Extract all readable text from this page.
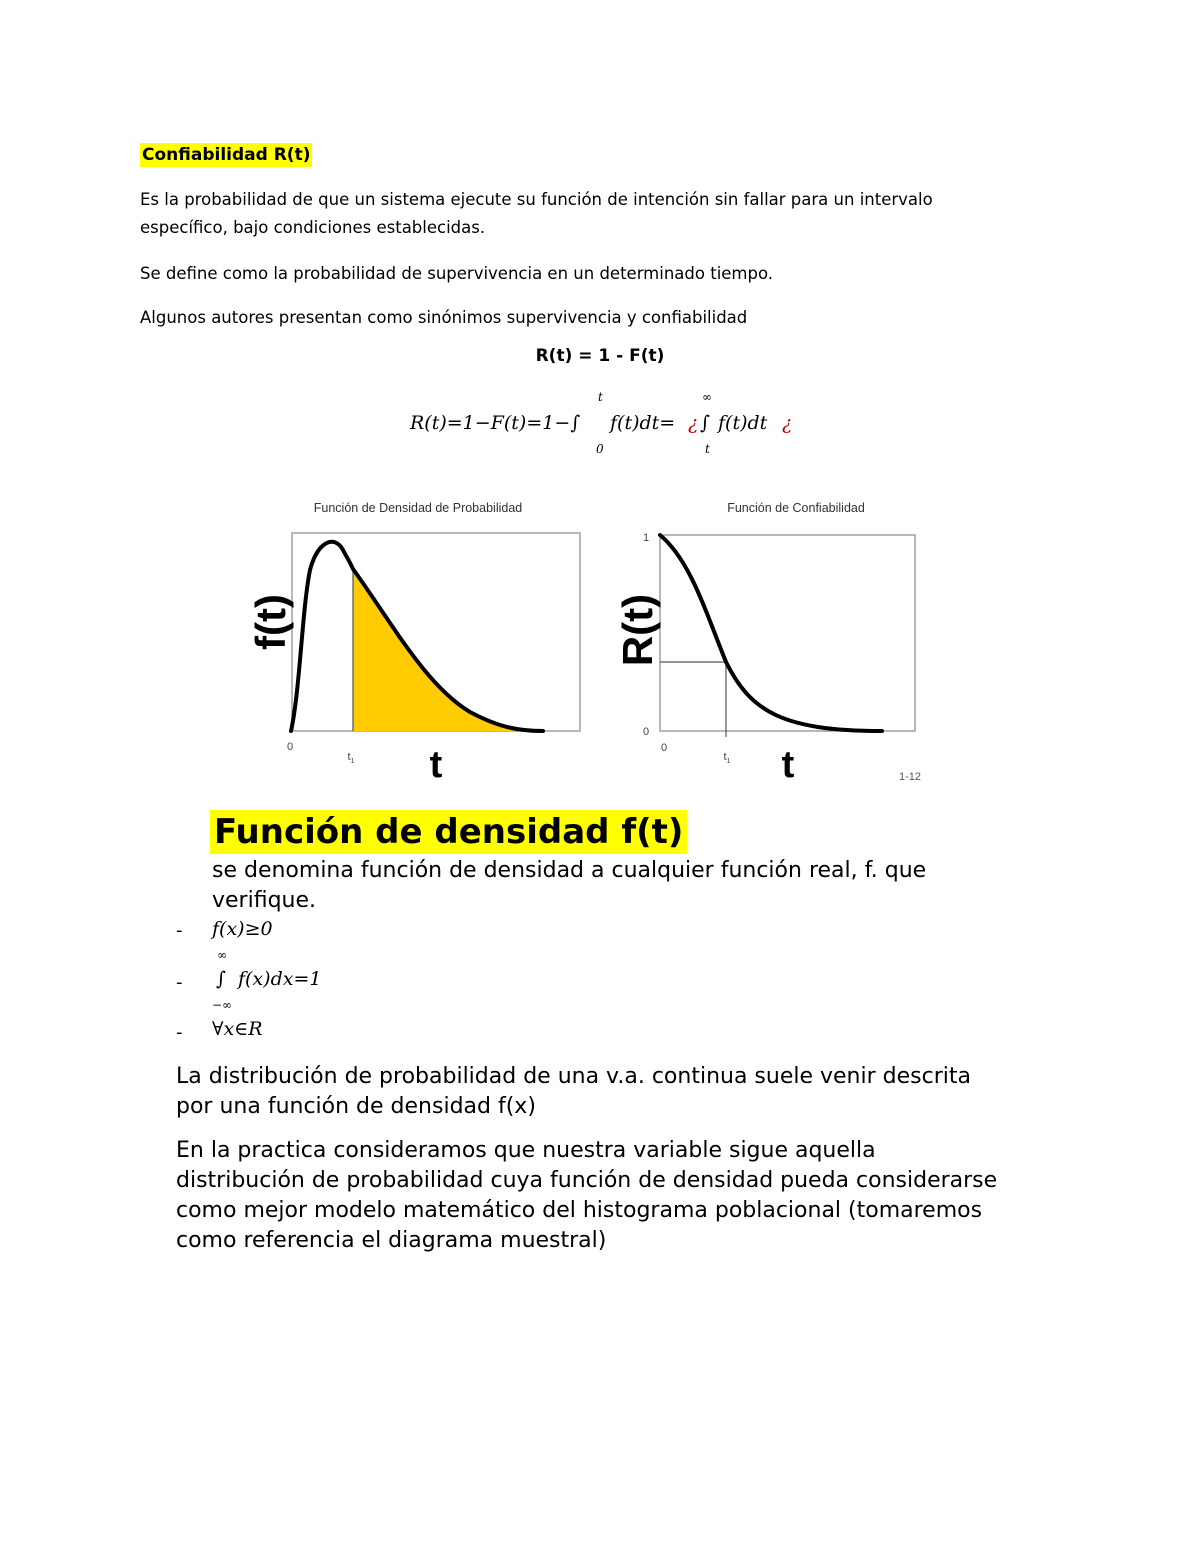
Confiabilidad R(t)
Es la probabilidad de que un sistema ejecute su función de intención sin fallar para un intervalo
específico, bajo condiciones establecidas.
Se define como la probabilidad de supervivencia en un determinado tiempo.
Algunos autores presentan como sinónimos supervivencia y confiabilidad
R(t) = 1 - F(t)
R(t)=1−F(t)=1−∫
t
0
f(t)dt= ¿ ∫
∞
t
f(t)dt ¿
Función de Densidad de Probabilidad
f(t)
0
$t_1$ t
Función de Confiabilidad
1
0
R(t)
0
$t_1$ t	1-12
Función de densidad f(t)
se denomina función de densidad a cualquier función real, f. que
verifique.
- f(x)≥0
-
∞
∫
−∞
f(x)dx=1
- ∀x∈R
La distribución de probabilidad de una v.a. continua suele venir descrita
por una función de densidad f(x)
En la practica consideramos que nuestra variable sigue aquella
distribución de probabilidad cuya función de densidad pueda considerarse
como mejor modelo matemático del histograma poblacional (tomaremos
como referencia el diagrama muestral)
